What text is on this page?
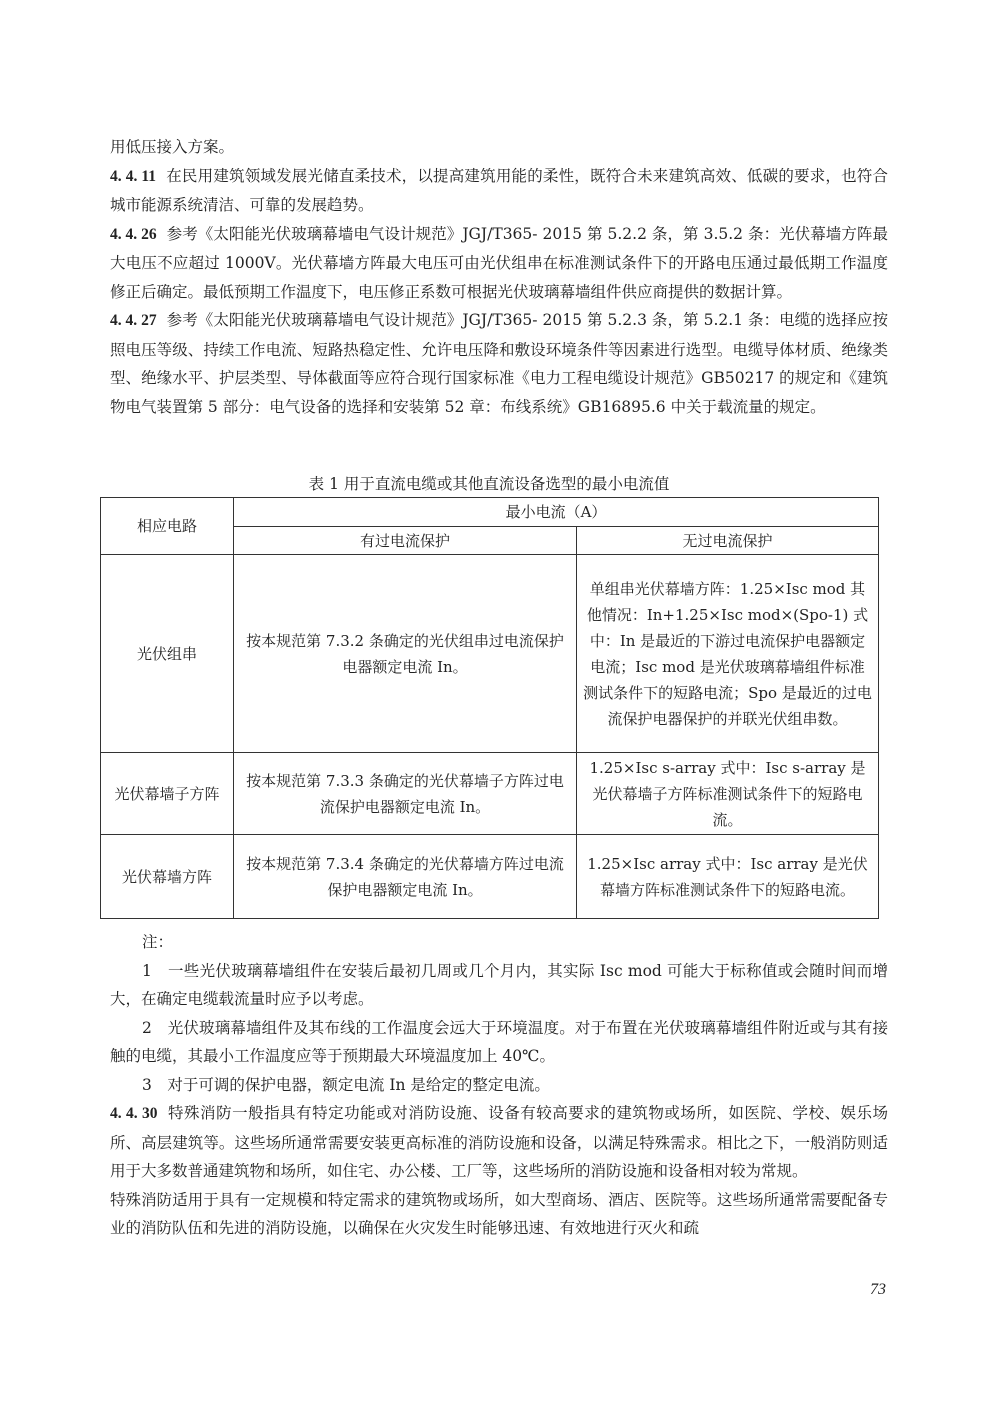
用低压接入方案。

4. 4. 11 在民用建筑领域发展光储直柔技术，以提高建筑用能的柔性，既符合未来建筑高效、低碳的要求，也符合城市能源系统清洁、可靠的发展趋势。

4. 4. 26 参考《太阳能光伏玻璃幕墙电气设计规范》JGJ/T365- 2015 第 5.2.2 条，第 3.5.2 条：光伏幕墙方阵最大电压不应超过 1000V。光伏幕墙方阵最大电压可由光伏组串在标准测试条件下的开路电压通过最低期工作温度修正后确定。最低预期工作温度下，电压修正系数可根据光伏玻璃幕墙组件供应商提供的数据计算。

4. 4. 27 参考《太阳能光伏玻璃幕墙电气设计规范》JGJ/T365- 2015 第 5.2.3 条，第 5.2.1 条：电缆的选择应按照电压等级、持续工作电流、短路热稳定性、允许电压降和敷设环境条件等因素进行选型。电缆导体材质、绝缘类型、绝缘水平、护层类型、导体截面等应符合现行国家标准《电力工程电缆设计规范》GB50217 的规定和《建筑物电气装置第 5 部分：电气设备的选择和安装第 52 章：布线系统》GB16895.6 中关于载流量的规定。

表 1 用于直流电缆或其他直流设备选型的最小电流值
相应电路	最小电流（A）	
	有过电流保护	无过电流保护
光伏组串	按本规范第 7.3.2 条确定的光伏组串过电流保护电器额定电流 In。	单组串光伏幕墙方阵：1.25×Isc mod 其他情况：In+1.25×Isc mod×(Spo-1) 式中：In 是最近的下游过电流保护电器额定电流；Isc mod 是光伏玻璃幕墙组件标准测试条件下的短路电流；Spo 是最近的过电流保护电器保护的并联光伏组串数。
光伏幕墙子方阵	按本规范第 7.3.3 条确定的光伏幕墙子方阵过电流保护电器额定电流 In。	1.25×Isc s-array 式中：Isc s-array 是光伏幕墙子方阵标准测试条件下的短路电流。
光伏幕墙方阵	按本规范第 7.3.4 条确定的光伏幕墙方阵过电流保护电器额定电流 In。	1.25×Isc array 式中：Isc array 是光伏幕墙方阵标准测试条件下的短路电流。

注：

1　 一些光伏玻璃幕墙组件在安装后最初几周或几个月内，其实际 Isc mod 可能大于标称值或会随时间而增大，在确定电缆载流量时应予以考虑。

2　 光伏玻璃幕墙组件及其布线的工作温度会远大于环境温度。对于布置在光伏玻璃幕墙组件附近或与其有接触的电缆，其最小工作温度应等于预期最大环境温度加上 40℃。

3　 对于可调的保护电器，额定电流 In 是给定的整定电流。

4. 4. 30 特殊消防一般指具有特定功能或对消防设施、设备有较高要求的建筑物或场所，如医院、学校、娱乐场所、高层建筑等。这些场所通常需要安装更高标准的消防设施和设备，以满足特殊需求。相比之下，一般消防则适用于大多数普通建筑物和场所，如住宅、办公楼、工厂等，这些场所的消防设施和设备相对较为常规。

特殊消防适用于具有一定规模和特定需求的建筑物或场所，如大型商场、酒店、医院等。这些场所通常需要配备专业的消防队伍和先进的消防设施，以确保在火灾发生时能够迅速、有效地进行灭火和疏

73
